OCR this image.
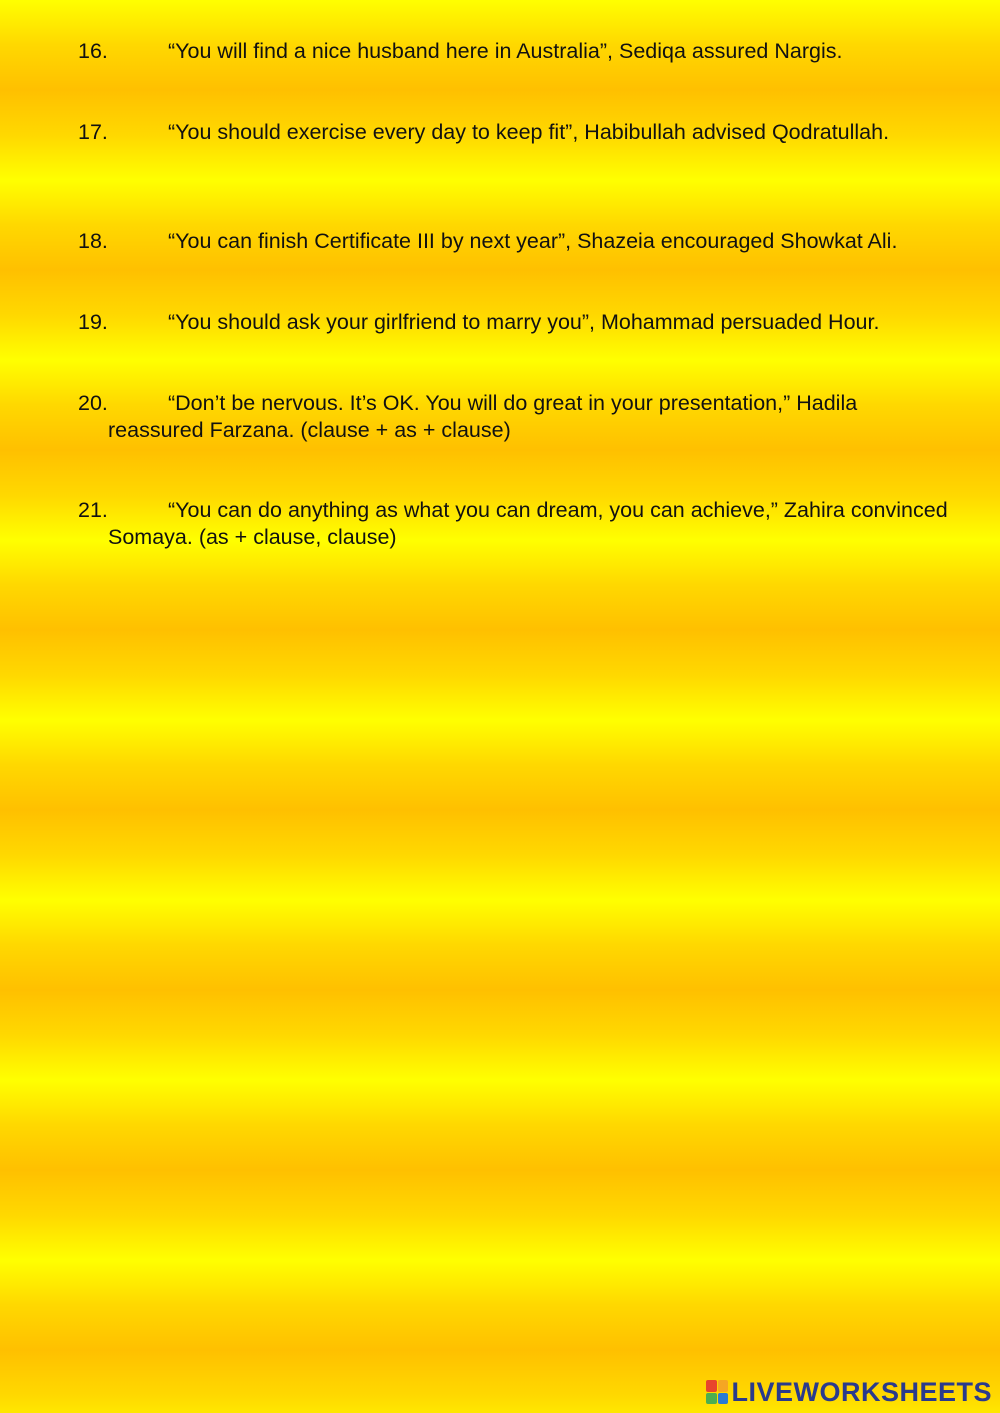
16.	“You will find a nice husband here in Australia”, Sediqa assured Nargis.
17.	“You should exercise every day to keep fit”, Habibullah advised Qodratullah.
18.	“You can finish Certificate III by next year”, Shazeia encouraged Showkat Ali.
19.	“You should ask your girlfriend to marry you”, Mohammad persuaded Hour.
20.	“Don’t be nervous. It’s OK. You will do great in your presentation,” Hadila reassured Farzana. (clause + as + clause)
21.	“You can do anything as what you can dream, you can achieve,” Zahira convinced Somaya. (as + clause, clause)
LIVEWORKSHEETS
